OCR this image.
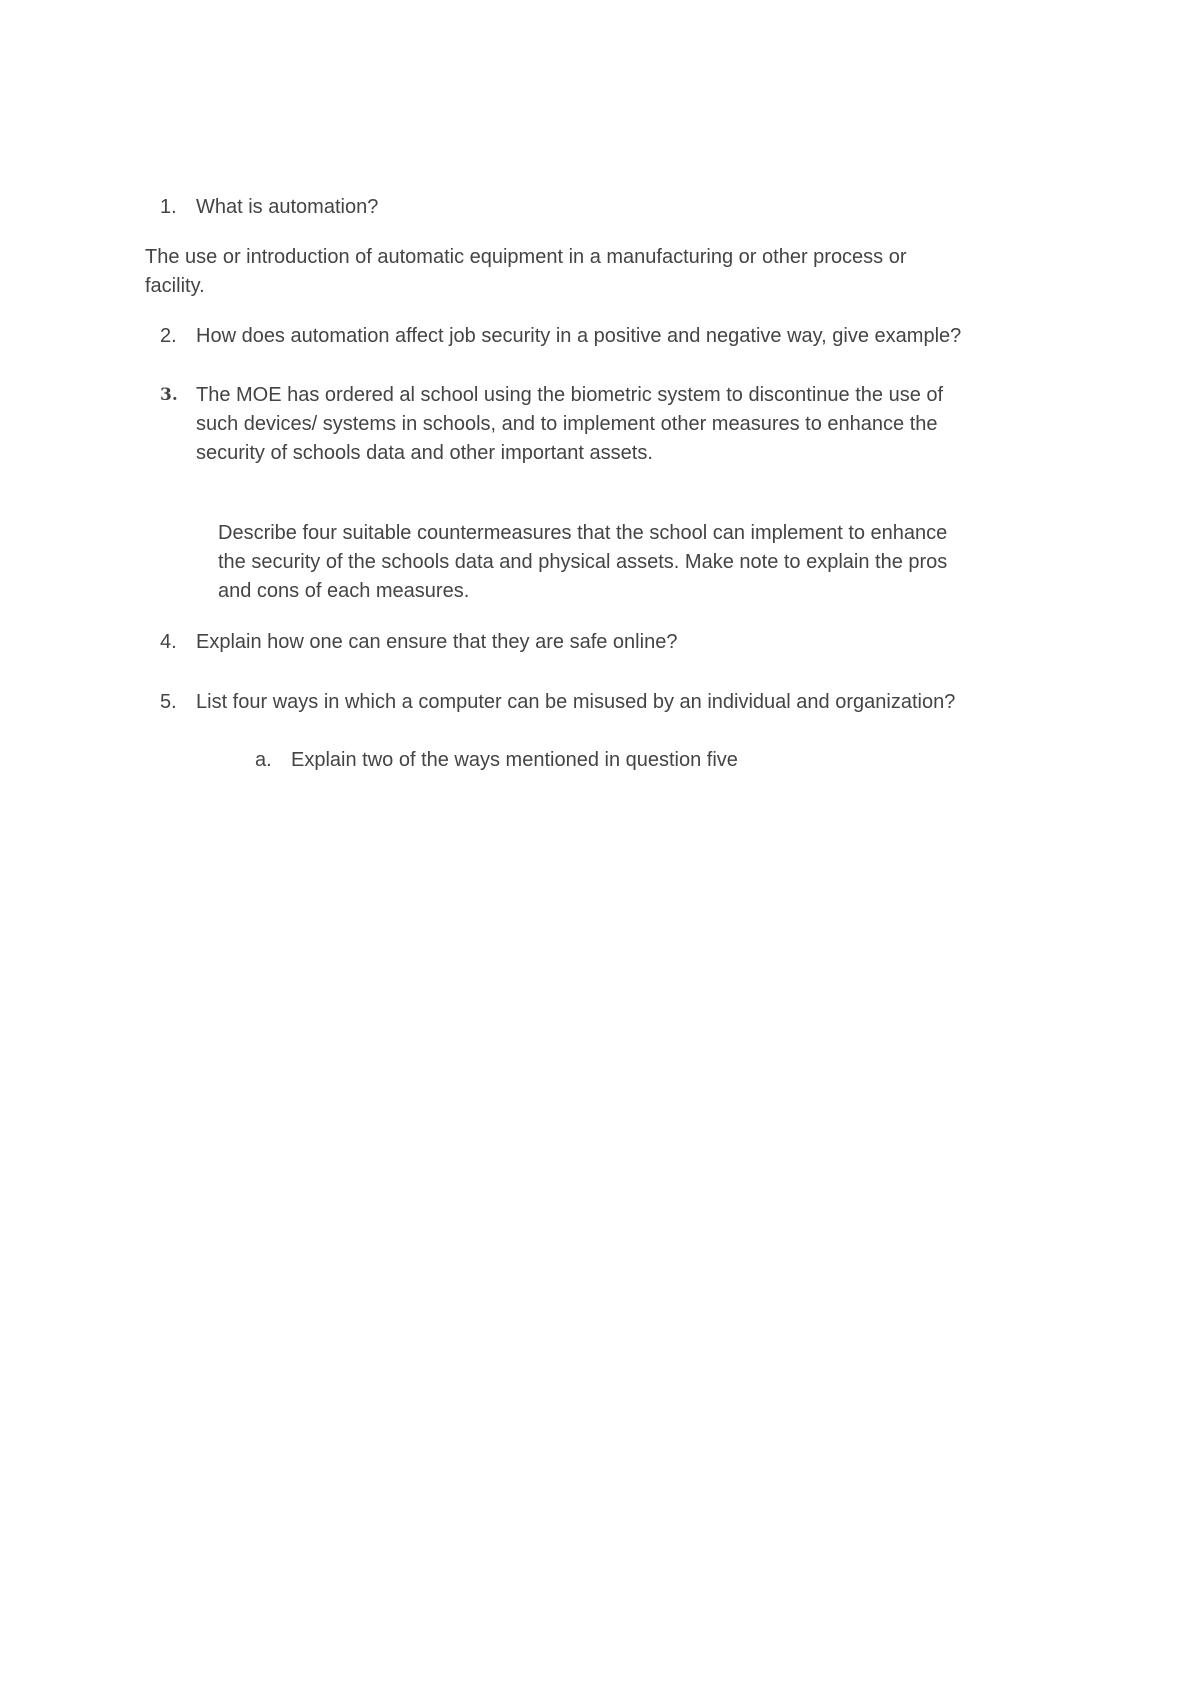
1. What is automation?
The use or introduction of automatic equipment in a manufacturing or other process or
facility.
2. How does automation affect job security in a positive and negative way, give example?
3. The MOE has ordered al school using the biometric system to discontinue the use of
such devices/ systems in schools, and to implement other measures to enhance the
security of schools data and other important assets.
Describe four suitable countermeasures that the school can implement to enhance
the security of the schools data and physical assets. Make note to explain the pros
and cons of each measures.
4. Explain how one can ensure that they are safe online?
5. List four ways in which a computer can be misused by an individual and organization?
a. Explain two of the ways mentioned in question five
